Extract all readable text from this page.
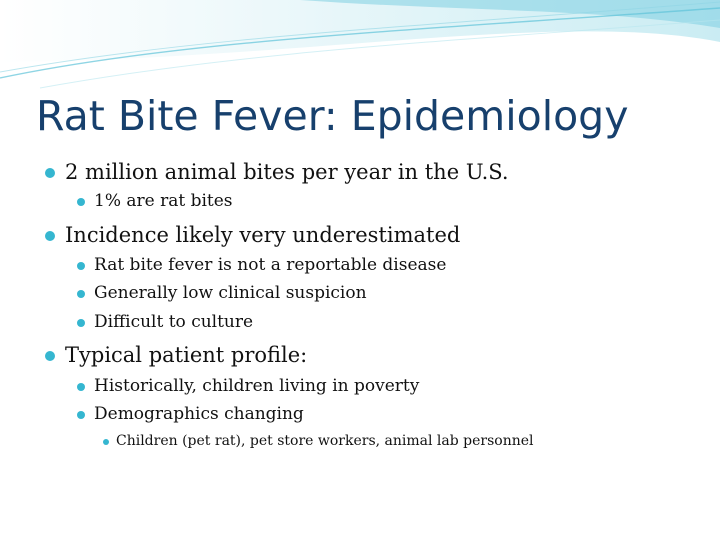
Rat Bite Fever: Epidemiology
2 million animal bites per year in the U.S.
1% are rat bites
Incidence likely very underestimated
Rat bite fever is not a reportable disease
Generally low clinical suspicion
Difficult to culture
Typical patient profile:
Historically, children living in poverty
Demographics changing
Children (pet rat), pet store workers, animal lab personnel
